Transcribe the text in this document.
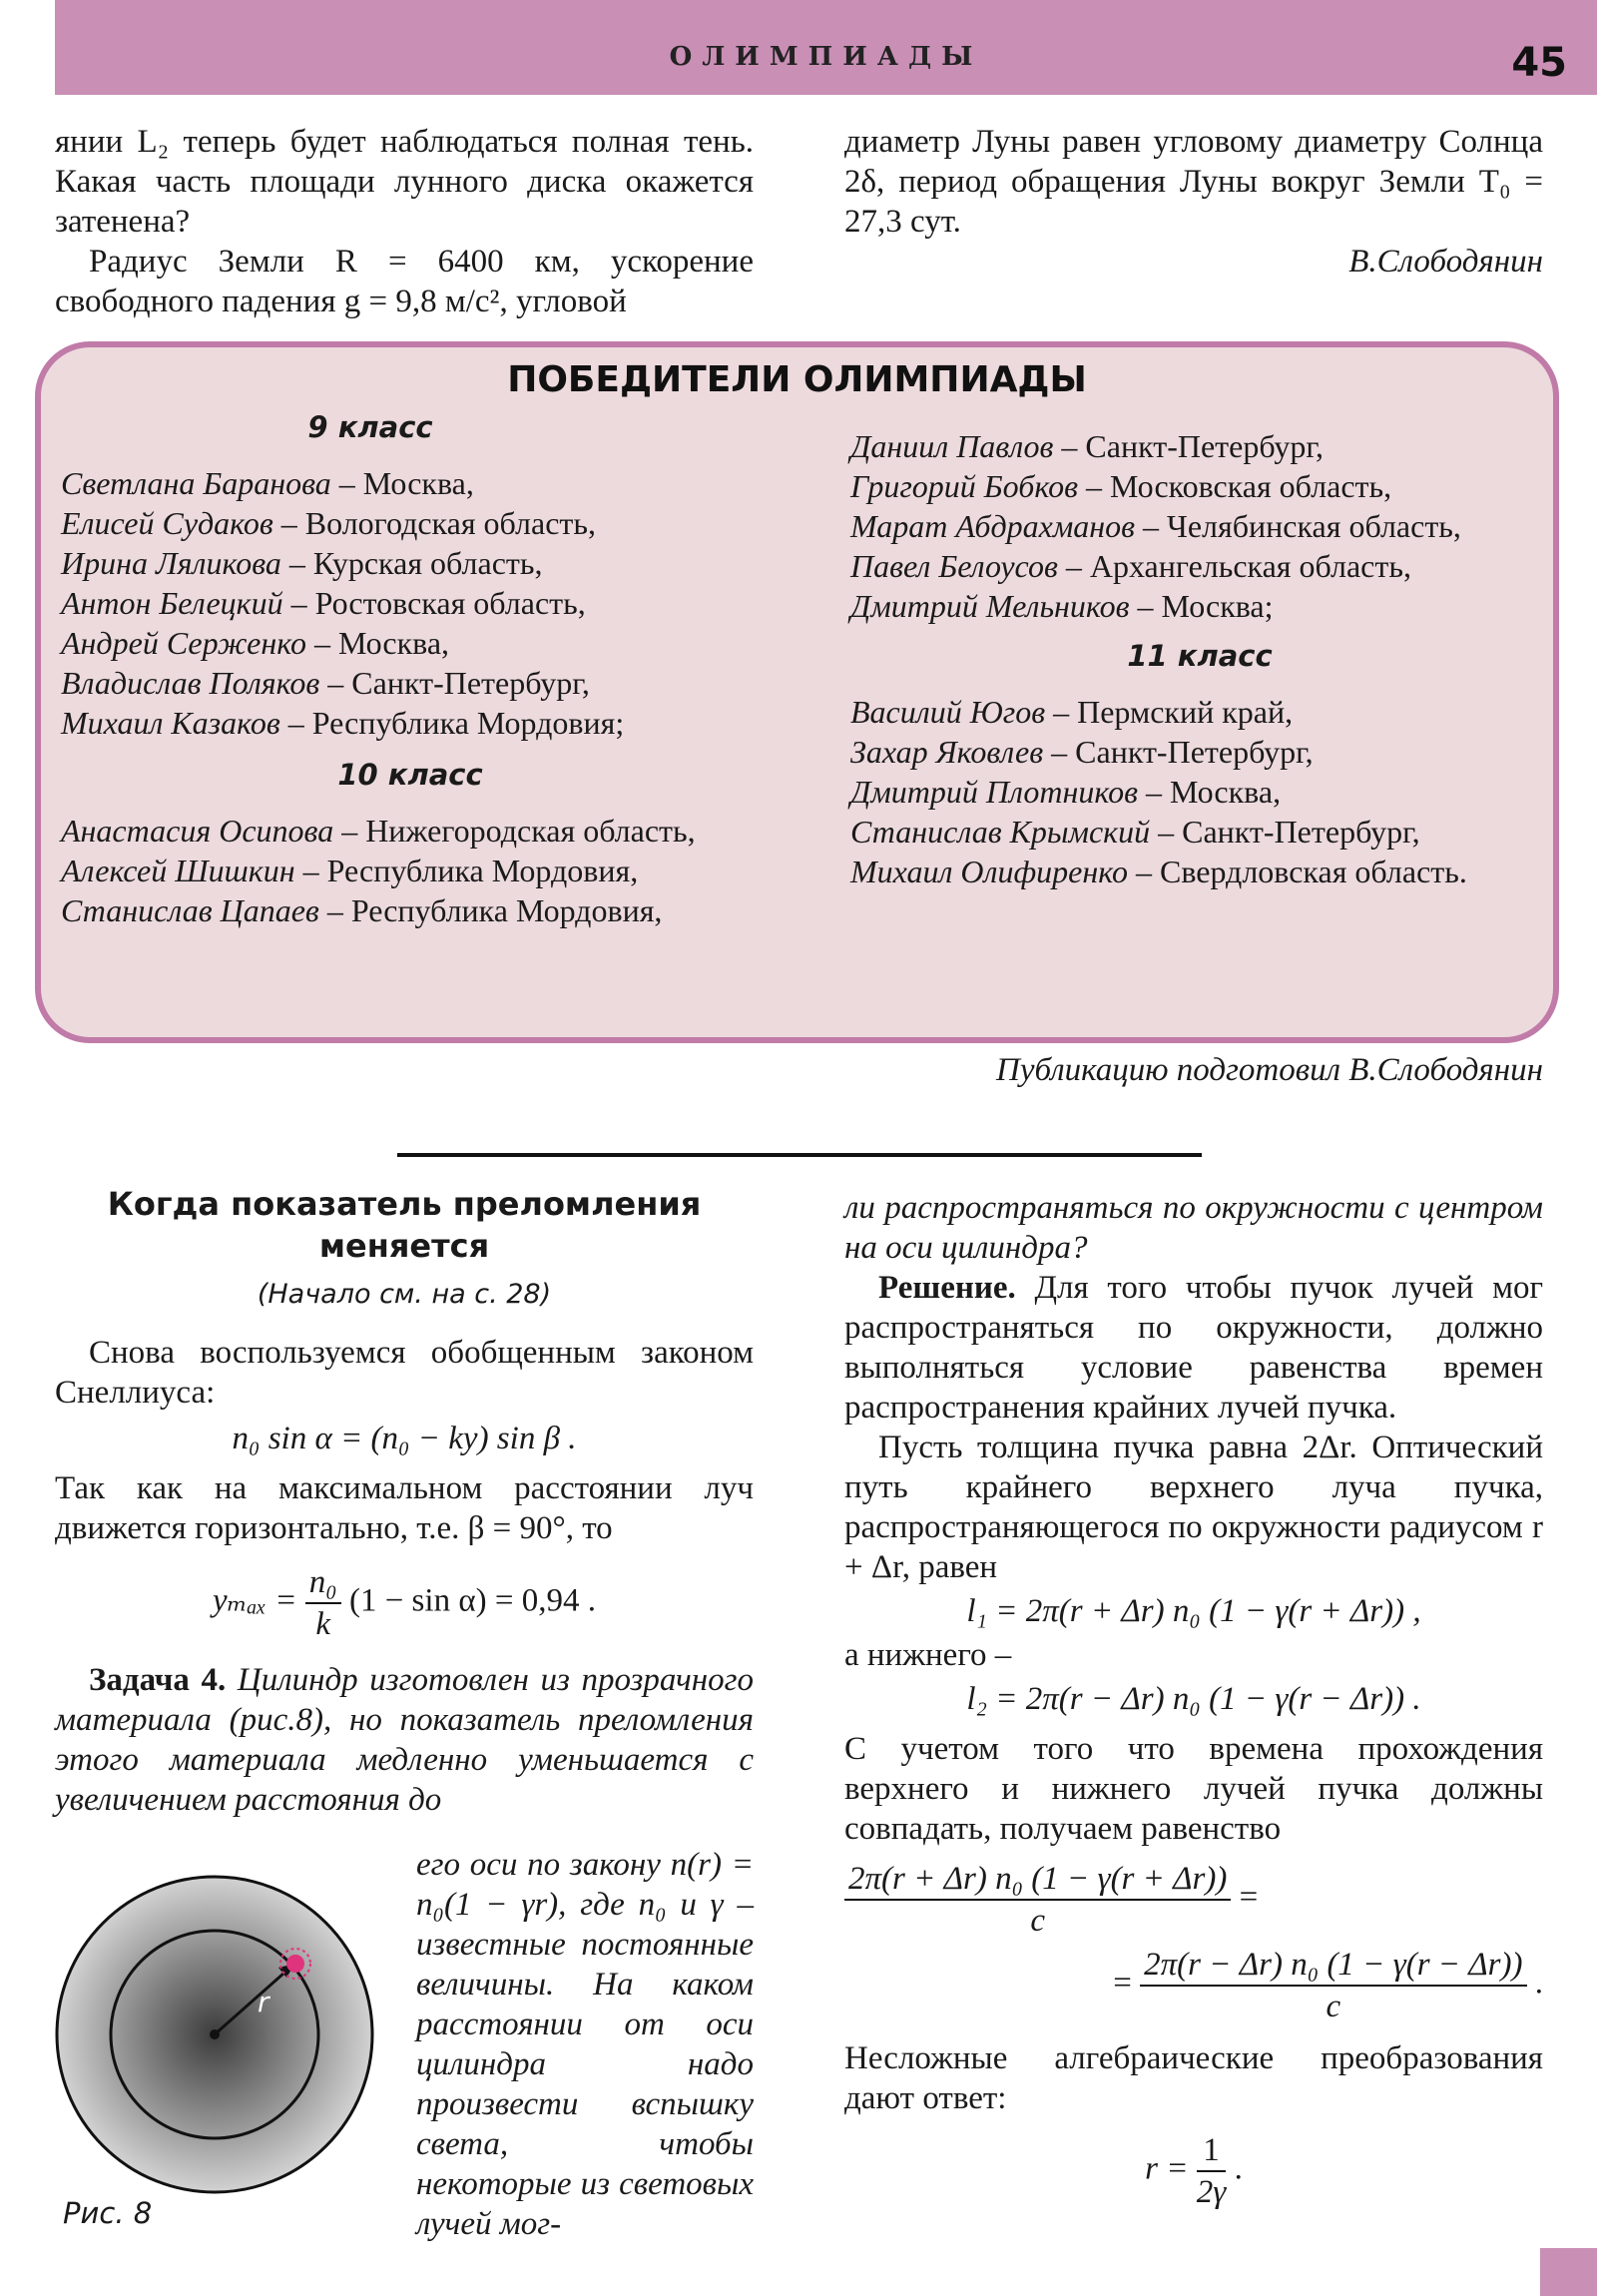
ОЛИМПИАДЫ	45
янии L₂ теперь будет наблюдаться полная тень. Какая часть площади лунного диска окажется затенена?
Радиус Земли R = 6400 км, ускорение свободного падения g = 9,8 м/с², угловой
диаметр Луны равен угловому диаметру Солнца 2δ, период обращения Луны вокруг Земли T₀ = 27,3 сут.
В.Слободянин
ПОБЕДИТЕЛИ ОЛИМПИАДЫ
9 класс
Светлана Баранова – Москва,
Елисей Судаков – Вологодская область,
Ирина Ляликова – Курская область,
Антон Белецкий – Ростовская область,
Андрей Серженко – Москва,
Владислав Поляков – Санкт-Петербург,
Михаил Казаков – Республика Мордовия;
10 класс
Анастасия Осипова – Нижегородская область,
Алексей Шишкин – Республика Мордовия,
Станислав Цапаев – Республика Мордовия,
Даниил Павлов – Санкт-Петербург,
Григорий Бобков – Московская область,
Марат Абдрахманов – Челябинская область,
Павел Белоусов – Архангельская область,
Дмитрий Мельников – Москва;
11 класс
Василий Югов – Пермский край,
Захар Яковлев – Санкт-Петербург,
Дмитрий Плотников – Москва,
Станислав Крымский – Санкт-Петербург,
Михаил Олифиренко – Свердловская область.
Публикацию подготовил В.Слободянин
Когда показатель преломления меняется
(Начало см. на с. 28)
Снова воспользуемся обобщенным законом Снеллиуса:
n₀ sin α = (n₀ − ky) sin β .
Так как на максимальном расстоянии луч движется горизонтально, т.е. β = 90°, то
$y_{max} = \frac{\text{n₀}}{k} (1 - \sin \alpha) = 0,94$ .
Задача 4. Цилиндр изготовлен из прозрачного материала (рис.8), но показатель преломления этого материала медленно уменьшается с увеличением расстояния до
r
Рис. 8
его оси по закону n(r) = n₀(1 − γr), где n₀ и γ – известные постоянные величины. На каком расстоянии от оси цилиндра надо произвести вспышку света, чтобы некоторые из световых лучей мог-
ли распространяться по окружности с центром на оси цилиндра?
Решение. Для того чтобы пучок лучей мог распространяться по окружности, должно выполняться условие равенства времен распространения крайних лучей пучка.
Пусть толщина пучка равна 2Δr. Оптический путь крайнего верхнего луча пучка, распространяющегося по окружности радиусом r + Δr, равен
l₁ = 2π(r + Δr) n₀ (1 − γ(r + Δr)) ,
а нижнего –
l₂ = 2π(r − Δr) n₀ (1 − γ(r − Δr)) .
С учетом того что времена прохождения верхнего и нижнего лучей пучка должны совпадать, получаем равенство
$\frac{\text{2π(r + Δr) n₀ (1 − γ(r + Δr))}}{c}$ =
= $\frac{\text{2π(r − Δr) n₀ (1 − γ(r − Δr))}}{c}$ .
Несложные алгебраические преобразования дают ответ:
$r = \frac{1}{2\gamma}$ .
